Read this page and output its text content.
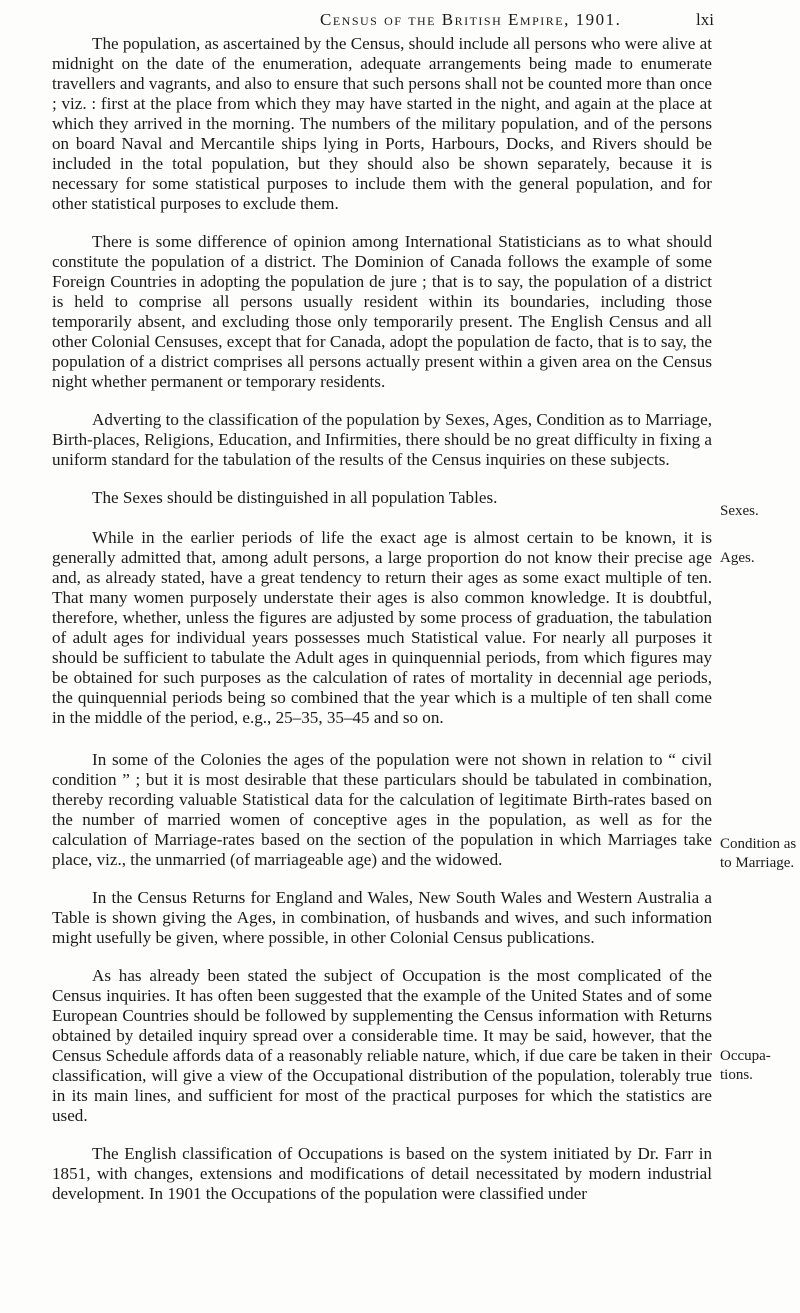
Census of the British Empire, 1901.	lxi

The population, as ascertained by the Census, should include all persons who were alive at midnight on the date of the enumeration, adequate arrangements being made to enumerate travellers and vagrants, and also to ensure that such persons shall not be counted more than once ; viz. : first at the place from which they may have started in the night, and again at the place at which they arrived in the morning. The numbers of the military population, and of the persons on board Naval and Mercantile ships lying in Ports, Harbours, Docks, and Rivers should be included in the total population, but they should also be shown separately, because it is necessary for some statistical purposes to include them with the general population, and for other statistical purposes to exclude them.

There is some difference of opinion among International Statisticians as to what should constitute the population of a district. The Dominion of Canada follows the example of some Foreign Countries in adopting the population de jure ; that is to say, the population of a district is held to comprise all persons usually resident within its boundaries, including those temporarily absent, and excluding those only temporarily present. The English Census and all other Colonial Censuses, except that for Canada, adopt the population de facto, that is to say, the population of a district comprises all persons actually present within a given area on the Census night whether permanent or temporary residents.

Adverting to the classification of the population by Sexes, Ages, Condition as to Marriage, Birth-places, Religions, Education, and Infirmities, there should be no great difficulty in fixing a uniform standard for the tabulation of the results of the Census inquiries on these subjects.

The Sexes should be distinguished in all population Tables.

While in the earlier periods of life the exact age is almost certain to be known, it is generally admitted that, among adult persons, a large proportion do not know their precise age and, as already stated, have a great tendency to return their ages as some exact multiple of ten. That many women purposely understate their ages is also common knowledge. It is doubtful, therefore, whether, unless the figures are adjusted by some process of graduation, the tabulation of adult ages for individual years possesses much Statistical value. For nearly all purposes it should be sufficient to tabulate the Adult ages in quinquennial periods, from which figures may be obtained for such purposes as the calculation of rates of mortality in decennial age periods, the quinquennial periods being so combined that the year which is a multiple of ten shall come in the middle of the period, e.g., 25–35, 35–45 and so on.

In some of the Colonies the ages of the population were not shown in relation to “ civil condition ” ; but it is most desirable that these particulars should be tabulated in combination, thereby recording valuable Statistical data for the calculation of legitimate Birth-rates based on the number of married women of conceptive ages in the population, as well as for the calculation of Marriage-rates based on the section of the population in which Marriages take place, viz., the unmarried (of marriageable age) and the widowed.

In the Census Returns for England and Wales, New South Wales and Western Australia a Table is shown giving the Ages, in combination, of husbands and wives, and such information might usefully be given, where possible, in other Colonial Census publications.

As has already been stated the subject of Occupation is the most complicated of the Census inquiries. It has often been suggested that the example of the United States and of some European Countries should be followed by supplementing the Census information with Returns obtained by detailed inquiry spread over a considerable time. It may be said, however, that the Census Schedule affords data of a reasonably reliable nature, which, if due care be taken in their classification, will give a view of the Occupational distribution of the population, tolerably true in its main lines, and sufficient for most of the practical purposes for which the statistics are used.

The English classification of Occupations is based on the system initiated by Dr. Farr in 1851, with changes, extensions and modifications of detail necessitated by modern industrial development. In 1901 the Occupations of the population were classified under

Sexes.
Ages.
Condition as to Marriage.
Occupa- tions.
